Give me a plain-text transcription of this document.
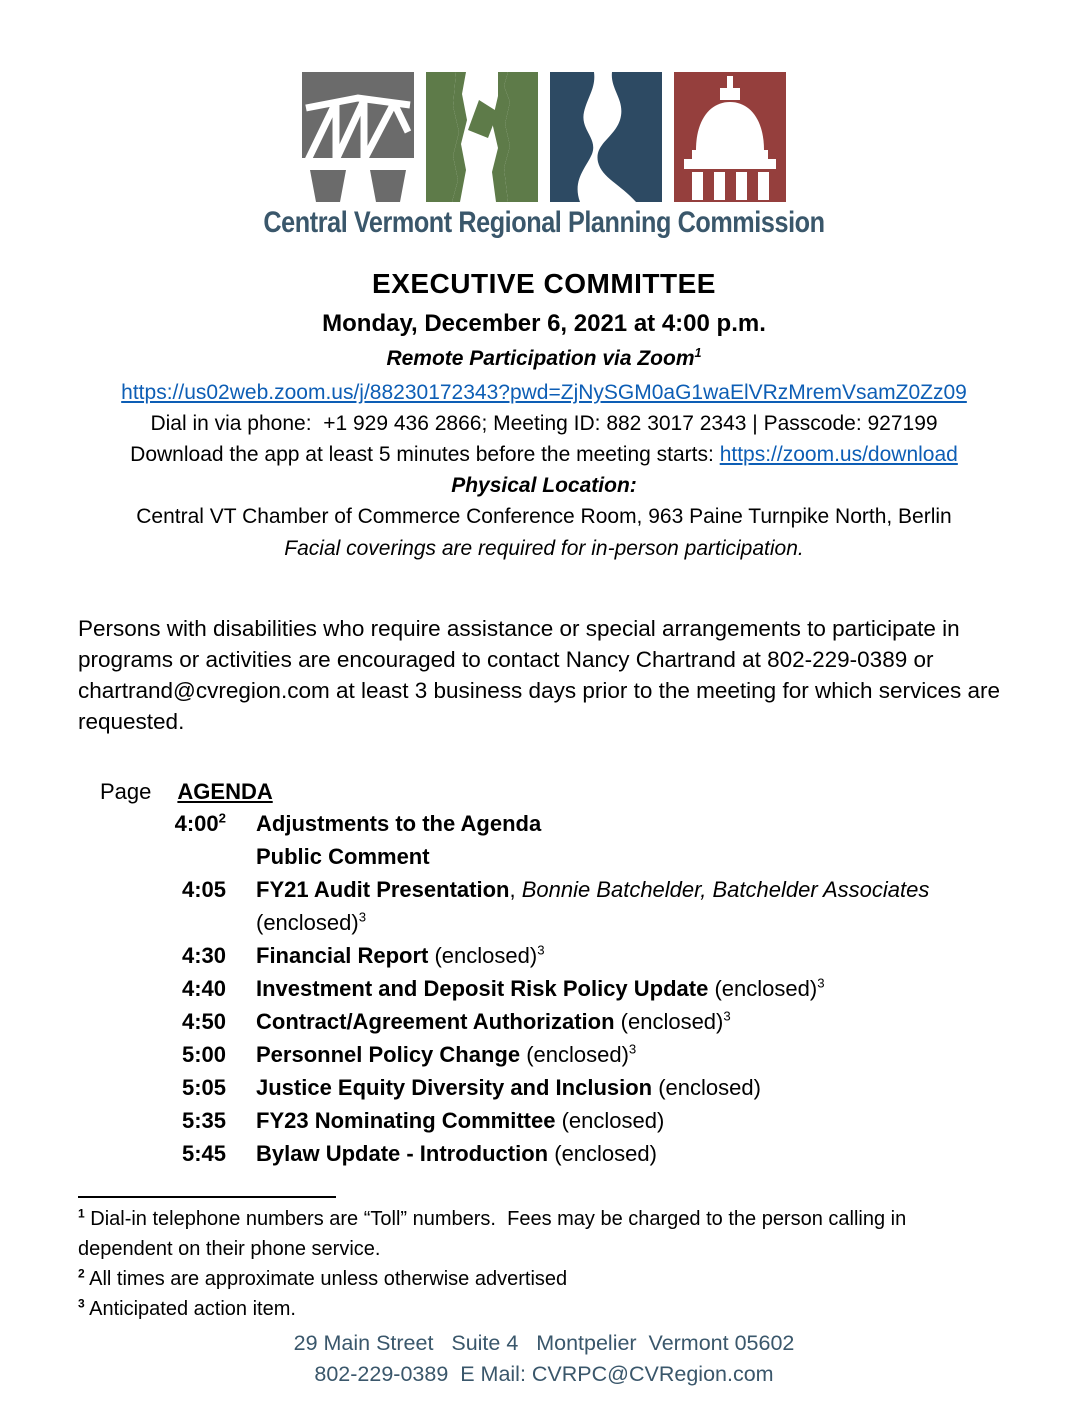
Central Vermont Regional Planning Commission
EXECUTIVE COMMITTEE
Monday, December 6, 2021 at 4:00 p.m.
Remote Participation via Zoom$^1$
https://us02web.zoom.us/j/88230172343?pwd=ZjNySGM0aG1waElVRzMremVsamZ0Zz09
Dial in via phone:  +1 929 436 2866; Meeting ID: 882 3017 2343 | Passcode: 927199
Download the app at least 5 minutes before the meeting starts: https://zoom.us/download
Physical Location:
Central VT Chamber of Commerce Conference Room, 963 Paine Turnpike North, Berlin
Facial coverings are required for in-person participation.

Persons with disabilities who require assistance or special arrangements to participate in programs or activities are encouraged to contact Nancy Chartrand at 802-229-0389 or chartrand@cvregion.com at least 3 business days prior to the meeting for which services are requested.

Page AGENDA
$4:00^2$ Adjustments to the Agenda
Public Comment
4:05 FY21 Audit Presentation, Bonnie Batchelder, Batchelder Associates
(enclosed)$^3$
4:30 Financial Report (enclosed)$^3$
4:40 Investment and Deposit Risk Policy Update (enclosed)$^3$
4:50 Contract/Agreement Authorization (enclosed)$^3$
5:00 Personnel Policy Change (enclosed)$^3$
5:05 Justice Equity Diversity and Inclusion (enclosed)
5:35 FY23 Nominating Committee (enclosed)
5:45 Bylaw Update - Introduction (enclosed)
$^1$ Dial-in telephone numbers are “Toll” numbers.  Fees may be charged to the person calling in dependent on their phone service.
$^2$ All times are approximate unless otherwise advertised
$^3$ Anticipated action item.
29 Main Street   Suite 4   Montpelier  Vermont 05602
802-229-0389  E Mail: CVRPC@CVRegion.com
